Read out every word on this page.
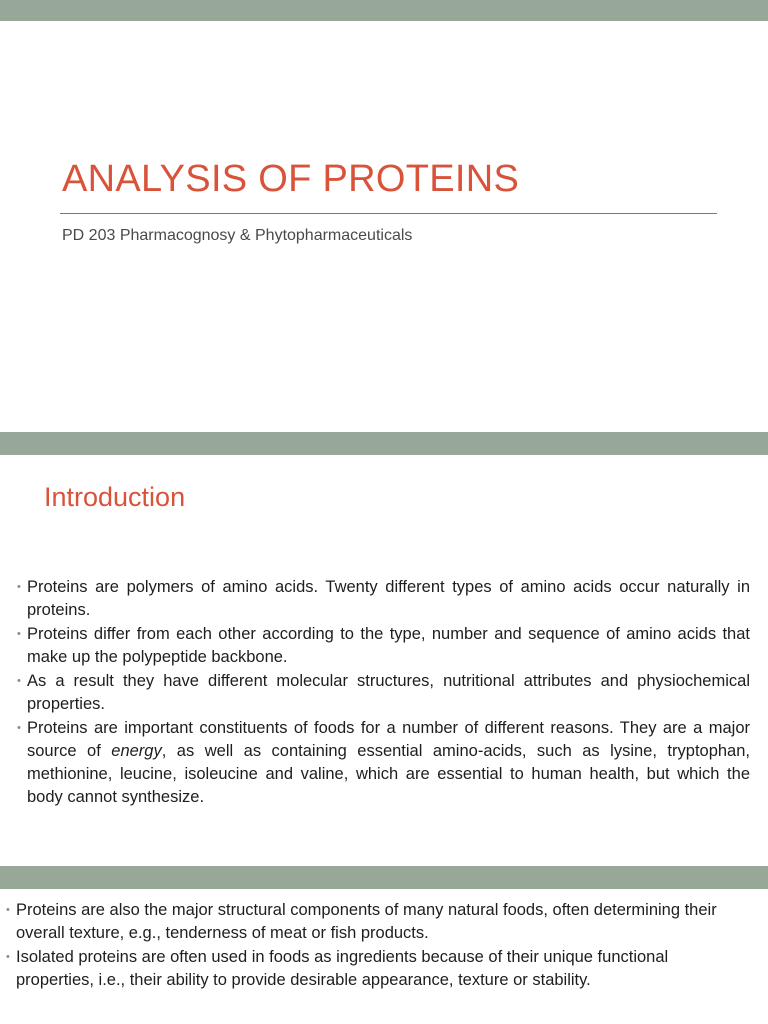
ANALYSIS OF PROTEINS
PD 203 Pharmacognosy & Phytopharmaceuticals
Introduction
• Proteins are polymers of amino acids. Twenty different types of amino acids occur naturally in proteins.
• Proteins differ from each other according to the type, number and sequence of amino acids that make up the polypeptide backbone.
• As a result they have different molecular structures, nutritional attributes and physiochemical properties.
• Proteins are important constituents of foods for a number of different reasons. They are a major source of energy, as well as containing essential amino-acids, such as lysine, tryptophan, methionine, leucine, isoleucine and valine, which are essential to human health, but which the body cannot synthesize.
• Proteins are also the major structural components of many natural foods, often determining their overall texture, e.g., tenderness of meat or fish products.
• Isolated proteins are often used in foods as ingredients because of their unique functional properties, i.e., their ability to provide desirable appearance, texture or stability.
